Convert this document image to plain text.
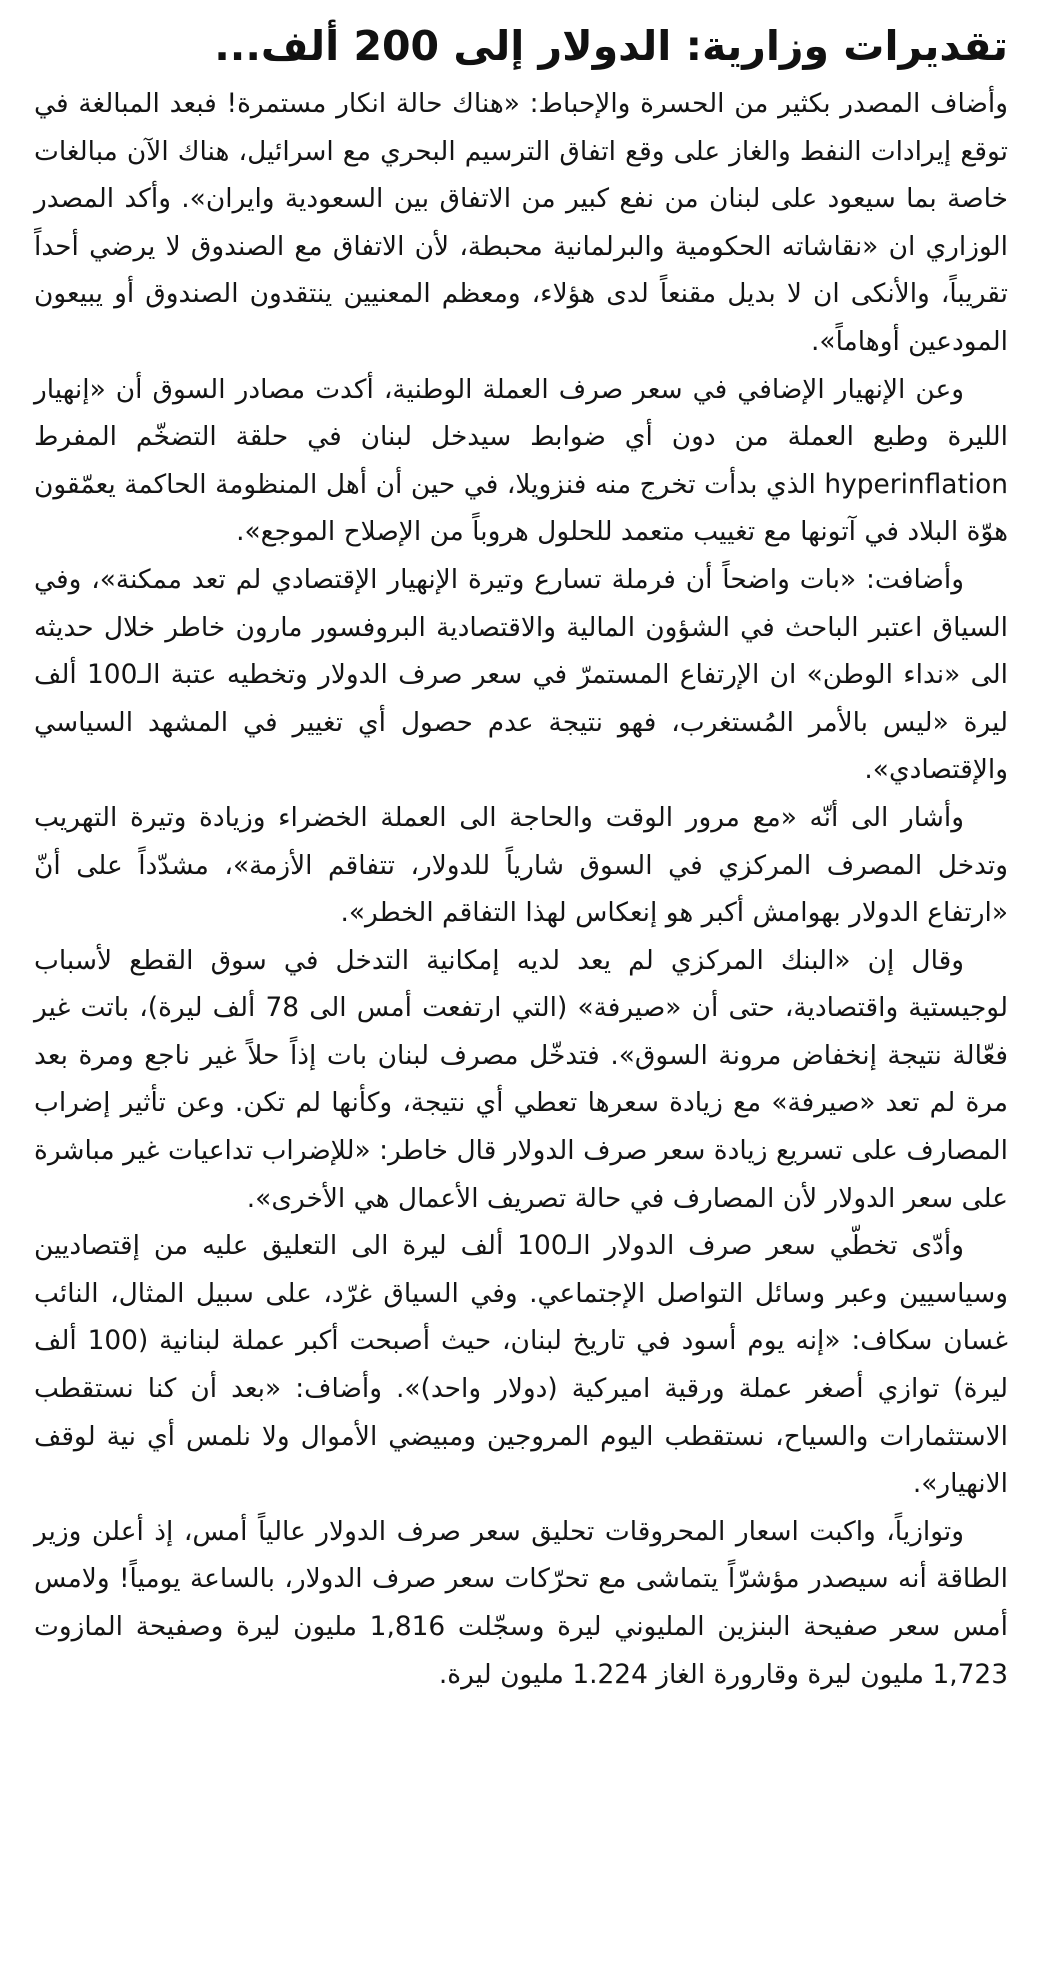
تقديرات وزارية: الدولار إلى 200 ألف...

وأضاف المصدر بكثير من الحسرة والإحباط: «هناك حالة انكار مستمرة! فبعد المبالغة في توقع إيرادات النفط والغاز على وقع اتفاق الترسيم البحري مع اسرائيل، هناك الآن مبالغات خاصة بما سيعود على لبنان من نفع كبير من الاتفاق بين السعودية وايران». وأكد المصدر الوزاري ان «نقاشاته الحكومية والبرلمانية محبطة، لأن الاتفاق مع الصندوق لا يرضي أحداً تقريباً، والأنكى ان لا بديل مقنعاً لدى هؤلاء، ومعظم المعنيين ينتقدون الصندوق أو يبيعون المودعين أوهاماً».

وعن الإنهيار الإضافي في سعر صرف العملة الوطنية، أكدت مصادر السوق أن «إنهيار الليرة وطبع العملة من دون أي ضوابط سيدخل لبنان في حلقة التضخّم المفرط hyperinflation الذي بدأت تخرج منه فنزويلا، في حين أن أهل المنظومة الحاكمة يعمّقون هوّة البلاد في آتونها مع تغييب متعمد للحلول هروباً من الإصلاح الموجع».

وأضافت: «بات واضحاً أن فرملة تسارع وتيرة الإنهيار الإقتصادي لم تعد ممكنة»، وفي السياق اعتبر الباحث في الشؤون المالية والاقتصادية البروفسور مارون خاطر خلال حديثه الى «نداء الوطن» ان الإرتفاع المستمرّ في سعر صرف الدولار وتخطيه عتبة الـ100 ألف ليرة «ليس بالأمر المُستغرب، فهو نتيجة عدم حصول أي تغيير في المشهد السياسي والإقتصادي».

وأشار الى أنّه «مع مرور الوقت والحاجة الى العملة الخضراء وزيادة وتيرة التهريب وتدخل المصرف المركزي في السوق شارياً للدولار، تتفاقم الأزمة»، مشدّداً على أنّ «ارتفاع الدولار بهوامش أكبر هو إنعكاس لهذا التفاقم الخطر».

وقال إن «البنك المركزي لم يعد لديه إمكانية التدخل في سوق القطع لأسباب لوجيستية واقتصادية، حتى أن «صيرفة» (التي ارتفعت أمس الى 78 ألف ليرة)، باتت غير فعّالة نتيجة إنخفاض مرونة السوق». فتدخّل مصرف لبنان بات إذاً حلاً غير ناجع ومرة بعد مرة لم تعد «صيرفة» مع زيادة سعرها تعطي أي نتيجة، وكأنها لم تكن. وعن تأثير إضراب المصارف على تسريع زيادة سعر صرف الدولار قال خاطر: «للإضراب تداعيات غير مباشرة على سعر الدولار لأن المصارف في حالة تصريف الأعمال هي الأخرى».

وأدّى تخطّي سعر صرف الدولار الـ100 ألف ليرة الى التعليق عليه من إقتصاديين وسياسيين وعبر وسائل التواصل الإجتماعي. وفي السياق غرّد، على سبيل المثال، النائب غسان سكاف: «إنه يوم أسود في تاريخ لبنان، حيث أصبحت أكبر عملة لبنانية (100 ألف ليرة) توازي أصغر عملة ورقية اميركية (دولار واحد)». وأضاف: «بعد أن كنا نستقطب الاستثمارات والسياح، نستقطب اليوم المروجين ومبيضي الأموال ولا نلمس أي نية لوقف الانهيار».

وتوازياً، واكبت اسعار المحروقات تحليق سعر صرف الدولار عالياً أمس، إذ أعلن وزير الطاقة أنه سيصدر مؤشرّاً يتماشى مع تحرّكات سعر صرف الدولار، بالساعة يومياً! ولامس أمس سعر صفيحة البنزين المليوني ليرة وسجّلت 1,816 مليون ليرة وصفيحة المازوت 1,723 مليون ليرة وقارورة الغاز 1.224 مليون ليرة.
